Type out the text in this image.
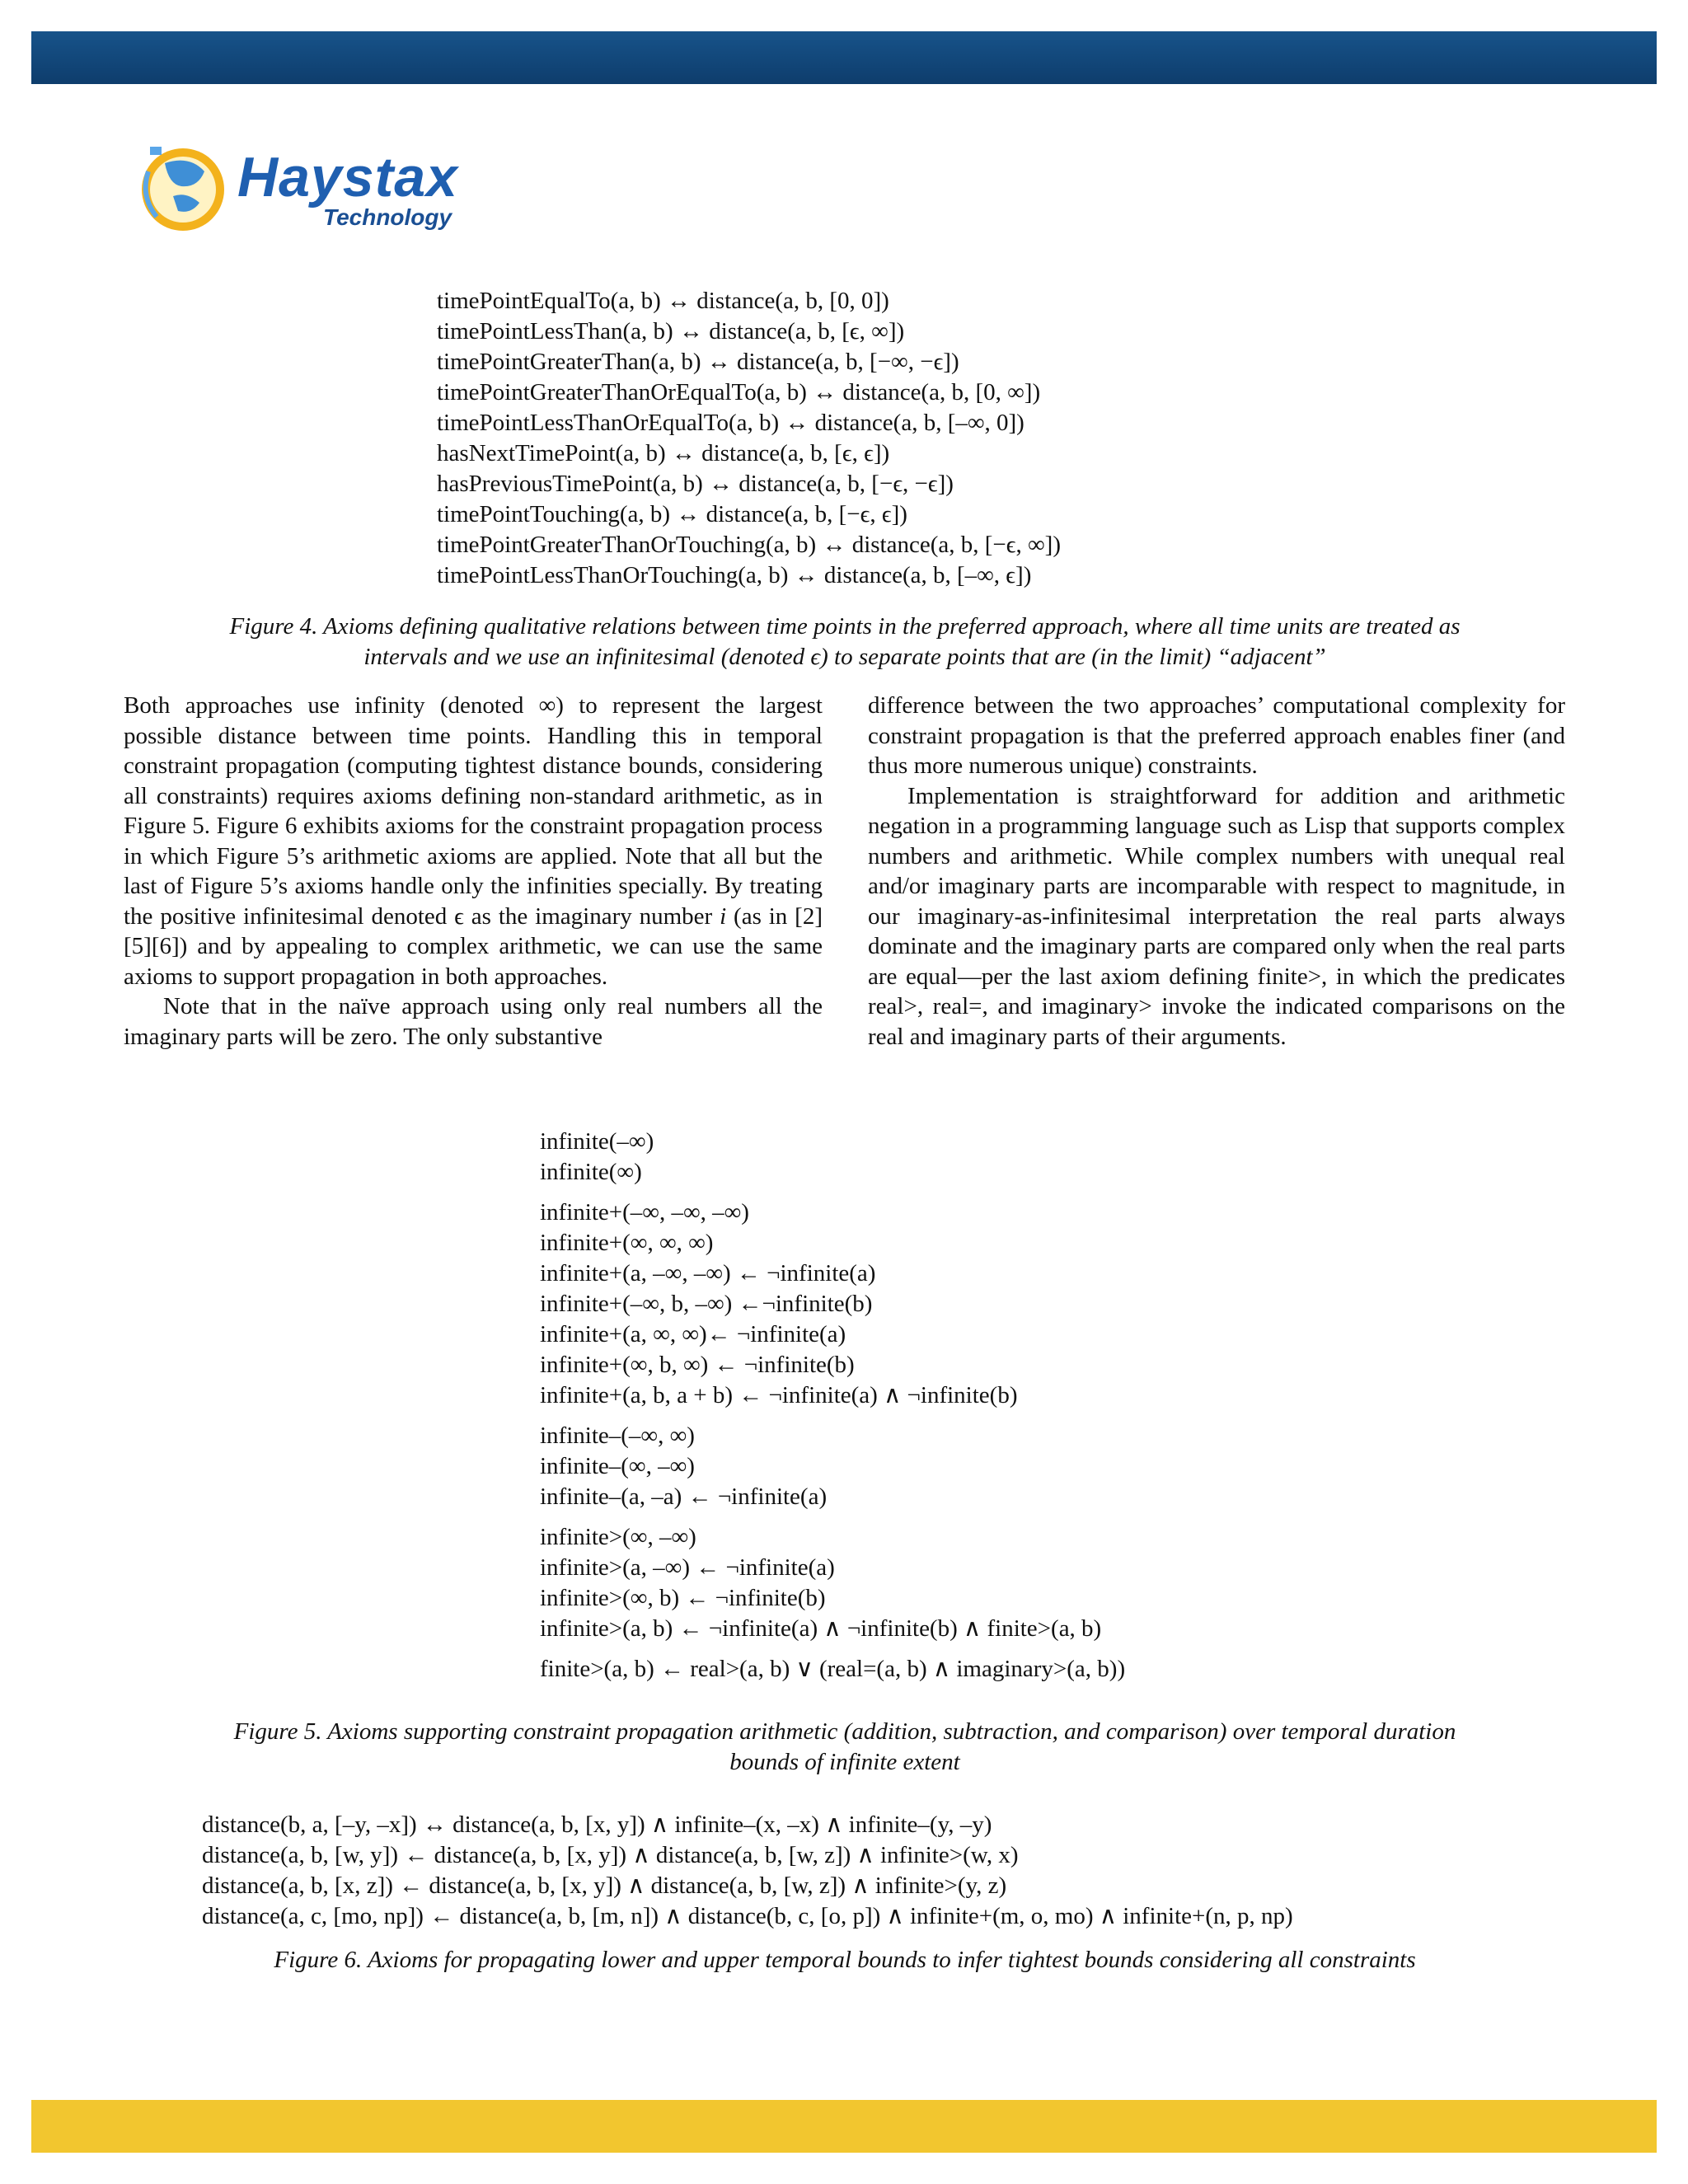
Haystax
Technology
timePointEqualTo(a, b) ↔ distance(a, b, [0, 0])
timePointLessThan(a, b) ↔ distance(a, b, [ϵ, ∞])
timePointGreaterThan(a, b) ↔ distance(a, b, [−∞, −ϵ])
timePointGreaterThanOrEqualTo(a, b) ↔ distance(a, b, [0, ∞])
timePointLessThanOrEqualTo(a, b) ↔ distance(a, b, [–∞, 0])
hasNextTimePoint(a, b) ↔ distance(a, b, [ϵ, ϵ])
hasPreviousTimePoint(a, b) ↔ distance(a, b, [−ϵ, −ϵ])
timePointTouching(a, b) ↔ distance(a, b, [−ϵ, ϵ])
timePointGreaterThanOrTouching(a, b) ↔ distance(a, b, [−ϵ, ∞])
timePointLessThanOrTouching(a, b) ↔ distance(a, b, [–∞, ϵ])
Figure 4. Axioms defining qualitative relations between time points in the preferred approach, where all time units are treated as
intervals and we use an infinitesimal (denoted ϵ) to separate points that are (in the limit) “adjacent”

Both approaches use infinity (denoted ∞) to represent the largest possible distance between time points. Handling this in temporal constraint propagation (computing tightest distance bounds, considering all constraints) requires axioms defining non-standard arithmetic, as in Figure 5. Figure 6 exhibits axioms for the constraint propagation process in which Figure 5’s arithmetic axioms are applied. Note that all but the last of Figure 5’s axioms handle only the infinities specially. By treating the positive infinitesimal denoted ϵ as the imaginary number i (as in [2][5][6]) and by appealing to complex arithmetic, we can use the same axioms to support propagation in both approaches.

Note that in the naïve approach using only real numbers all the imaginary parts will be zero. The only substantive

difference between the two approaches’ computational complexity for constraint propagation is that the preferred approach enables finer (and thus more numerous unique) constraints.

Implementation is straightforward for addition and arithmetic negation in a programming language such as Lisp that supports complex numbers and arithmetic. While complex numbers with unequal real and/or imaginary parts are incomparable with respect to magnitude, in our imaginary-as-infinitesimal interpretation the real parts always dominate and the imaginary parts are compared only when the real parts are equal—per the last axiom defining finite>, in which the predicates real>, real=, and imaginary> invoke the indicated comparisons on the real and imaginary parts of their arguments.

infinite(–∞)
infinite(∞)
infinite+(–∞, –∞, –∞)
infinite+(∞, ∞, ∞)
infinite+(a, –∞, –∞) ← ¬infinite(a)
infinite+(–∞, b, –∞) ←¬infinite(b)
infinite+(a, ∞, ∞)← ¬infinite(a)
infinite+(∞, b, ∞) ← ¬infinite(b)
infinite+(a, b, a + b) ← ¬infinite(a) ∧ ¬infinite(b)
infinite–(–∞, ∞)
infinite–(∞, –∞)
infinite–(a, –a) ← ¬infinite(a)
infinite>(∞, –∞)
infinite>(a, –∞) ← ¬infinite(a)
infinite>(∞, b) ← ¬infinite(b)
infinite>(a, b) ← ¬infinite(a) ∧ ¬infinite(b) ∧ finite>(a, b)
finite>(a, b) ← real>(a, b) ∨ (real=(a, b) ∧ imaginary>(a, b))
Figure 5. Axioms supporting constraint propagation arithmetic (addition, subtraction, and comparison) over temporal duration
bounds of infinite extent
distance(b, a, [–y, –x]) ↔ distance(a, b, [x, y]) ∧ infinite–(x, –x) ∧ infinite–(y, –y)
distance(a, b, [w, y]) ← distance(a, b, [x, y]) ∧ distance(a, b, [w, z]) ∧ infinite>(w, x)
distance(a, b, [x, z]) ← distance(a, b, [x, y]) ∧ distance(a, b, [w, z]) ∧ infinite>(y, z)
distance(a, c, [mo, np]) ← distance(a, b, [m, n]) ∧ distance(b, c, [o, p]) ∧ infinite+(m, o, mo) ∧ infinite+(n, p, np)
Figure 6. Axioms for propagating lower and upper temporal bounds to infer tightest bounds considering all constraints
